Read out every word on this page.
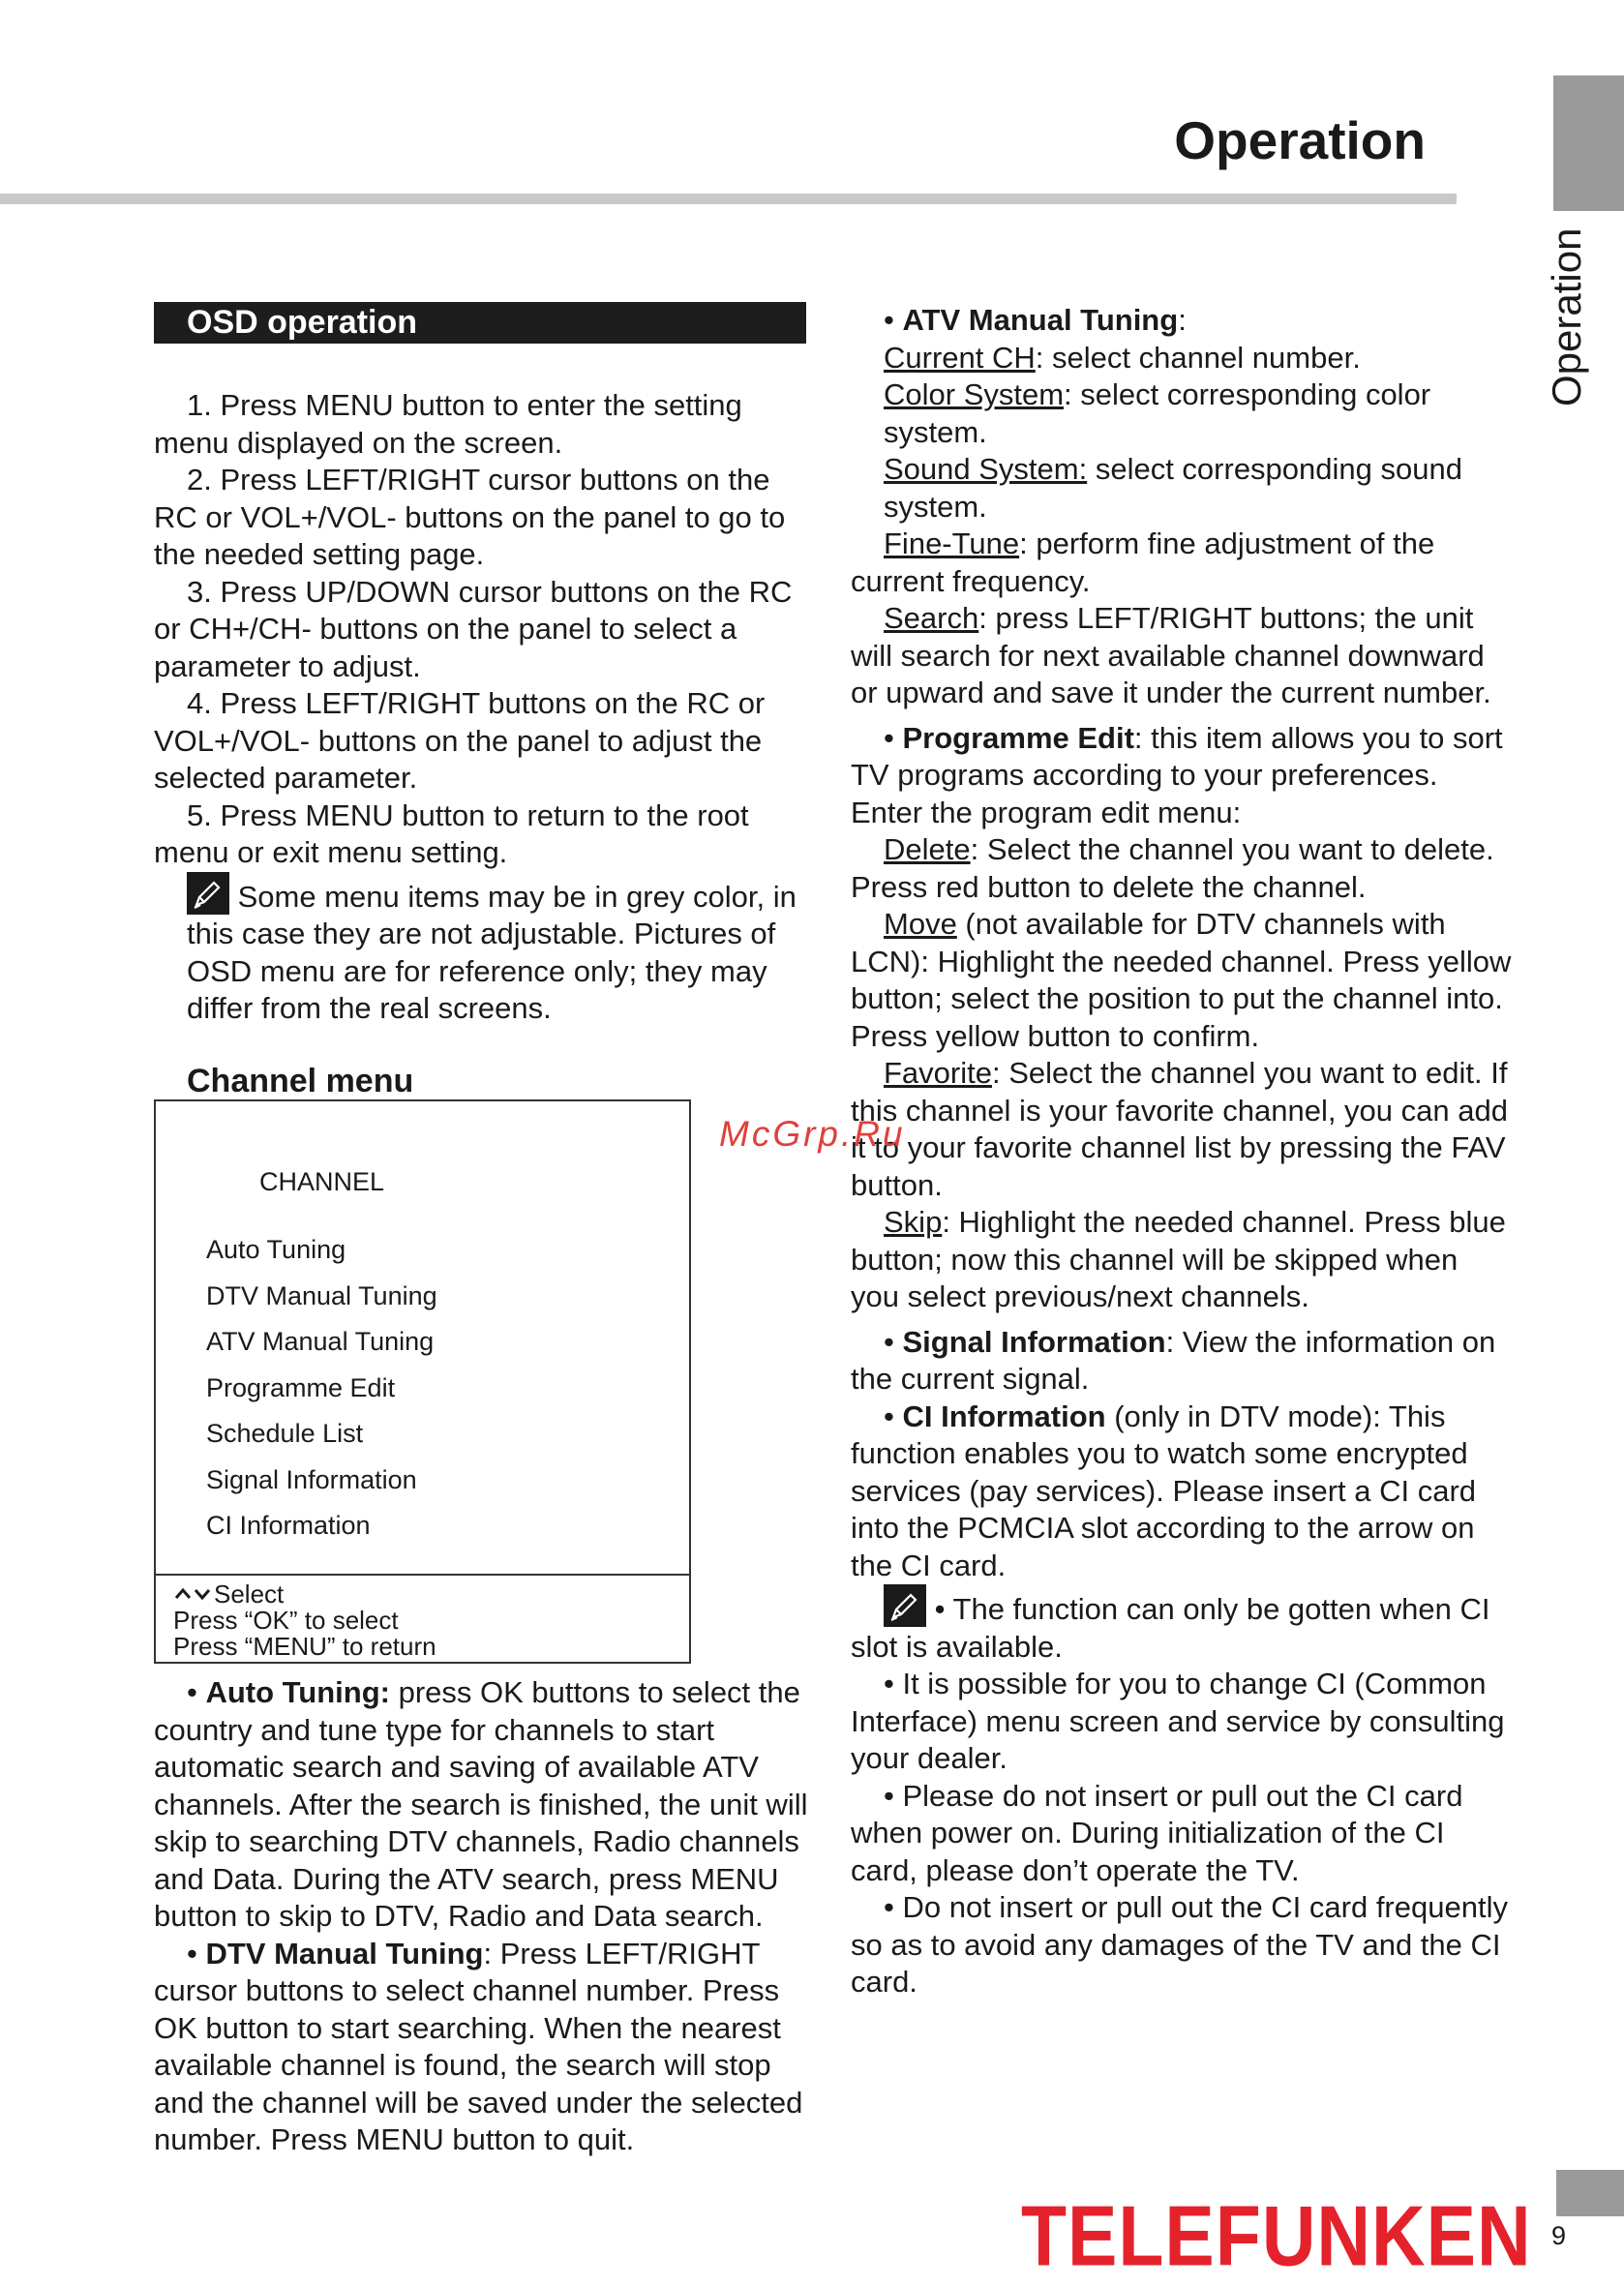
Operation
Operation
OSD operation

1. Press MENU button to enter the setting menu displayed on the screen.

2. Press LEFT/RIGHT cursor buttons on the RC or VOL+/VOL- buttons on the panel to go to the needed setting page.

3. Press UP/DOWN cursor buttons on the RC or CH+/CH- buttons on the panel to select a parameter to adjust.

4. Press LEFT/RIGHT buttons on the RC or VOL+/VOL- buttons on the panel to adjust the selected parameter.

5. Press MENU button to return to the root menu or exit menu setting.

Some menu items may be in grey color, in this case they are not adjustable. Pictures of OSD menu are for reference only; they may differ from the real screens.

Channel menu
CHANNEL
Auto Tuning
DTV Manual Tuning
ATV Manual Tuning
Programme Edit
Schedule List
Signal Information
CI Information
Select
Press “OK” to select
Press “MENU” to return

• Auto Tuning: press OK buttons to select the country and tune type for channels to start automatic search and saving of available ATV channels. After the search is finished, the unit will skip to searching DTV channels, Radio channels and Data. During the ATV search, press MENU button to skip to DTV, Radio and Data search.

• DTV Manual Tuning: Press LEFT/RIGHT cursor buttons to select channel number. Press OK button to start searching. When the nearest available channel is found, the search will stop and the channel will be saved under the selected number. Press MENU button to quit.

• ATV Manual Tuning:

Current CH: select channel number.

Color System: select corresponding color system.

Sound System: select corresponding sound system.

Fine-Tune: perform fine adjustment of the current frequency.

Search: press LEFT/RIGHT buttons; the unit will search for next available channel downward or upward and save it under the current number.

• Programme Edit: this item allows you to sort TV programs according to your preferences. Enter the program edit menu:

Delete: Select the channel you want to delete. Press red button to delete the channel.

Move (not available for DTV channels with LCN): Highlight the needed channel. Press yellow button; select the position to put the channel into. Press yellow button to confirm.

Favorite: Select the channel you want to edit. If this channel is your favorite channel, you can add it to your favorite channel list by pressing the FAV button.

Skip: Highlight the needed channel. Press blue button; now this channel will be skipped when you select previous/next channels.

• Signal Information: View the information on the current signal.

• CI Information (only in DTV mode): This function enables you to watch some encrypted services (pay services). Please insert a CI card into the PCMCIA slot according to the arrow on the CI card.

• The function can only be gotten when CI slot is available.

• It is possible for you to change CI (Common Interface) menu screen and service by consulting your dealer.

• Please do not insert or pull out the CI card when power on. During initialization of the CI card, please don’t operate the TV.

• Do not insert or pull out the CI card frequently so as to avoid any damages of the TV and the CI card.

McGrp.Ru
TELEFUNKEN 9
